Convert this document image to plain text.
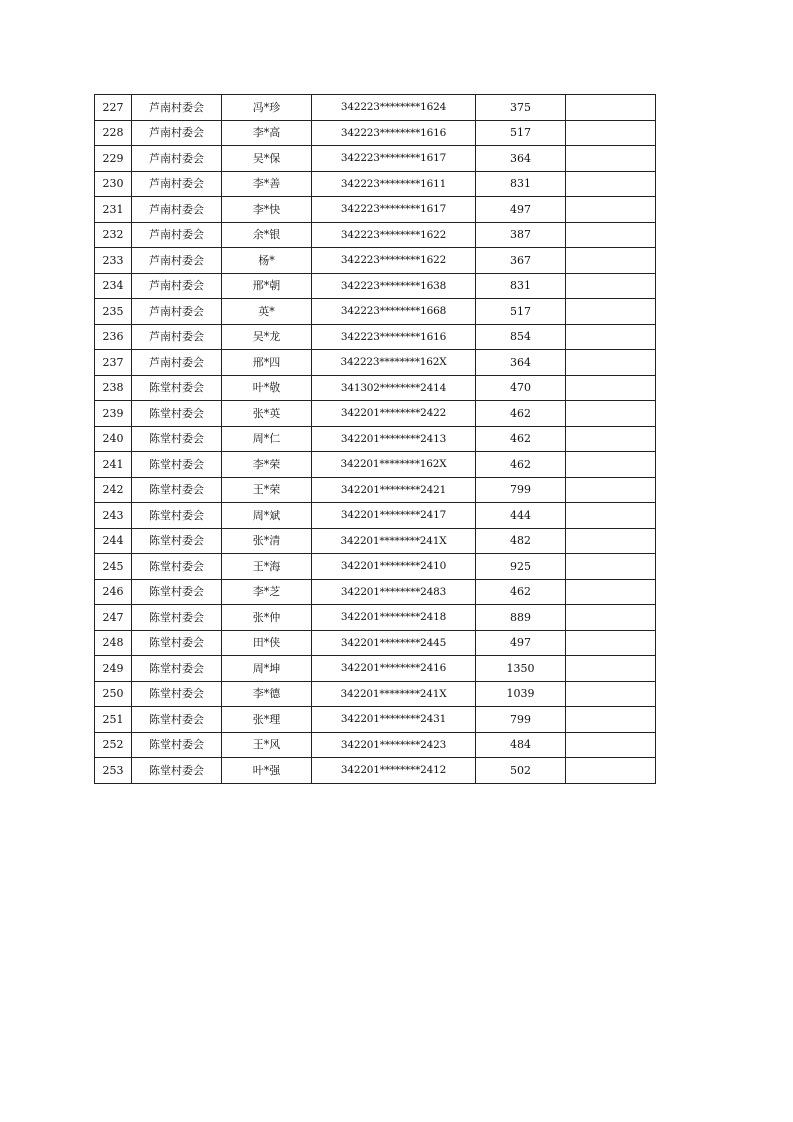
227	芦南村委会	冯*珍	342223********1624	375	
228	芦南村委会	李*高	342223********1616	517	
229	芦南村委会	吴*保	342223********1617	364	
230	芦南村委会	李*善	342223********1611	831	
231	芦南村委会	李*快	342223********1617	497	
232	芦南村委会	余*银	342223********1622	387	
233	芦南村委会	杨*	342223********1622	367	
234	芦南村委会	邢*朝	342223********1638	831	
235	芦南村委会	英*	342223********1668	517	
236	芦南村委会	吴*龙	342223********1616	854	
237	芦南村委会	邢*四	342223********162X	364	
238	陈堂村委会	叶*敬	341302********2414	470	
239	陈堂村委会	张*英	342201********2422	462	
240	陈堂村委会	周*仁	342201********2413	462	
241	陈堂村委会	李*荣	342201********162X	462	
242	陈堂村委会	王*荣	342201********2421	799	
243	陈堂村委会	周*斌	342201********2417	444	
244	陈堂村委会	张*清	342201********241X	482	
245	陈堂村委会	王*海	342201********2410	925	
246	陈堂村委会	李*芝	342201********2483	462	
247	陈堂村委会	张*仲	342201********2418	889	
248	陈堂村委会	田*侠	342201********2445	497	
249	陈堂村委会	周*坤	342201********2416	1350	
250	陈堂村委会	李*德	342201********241X	1039	
251	陈堂村委会	张*理	342201********2431	799	
252	陈堂村委会	王*风	342201********2423	484	
253	陈堂村委会	叶*强	342201********2412	502	
